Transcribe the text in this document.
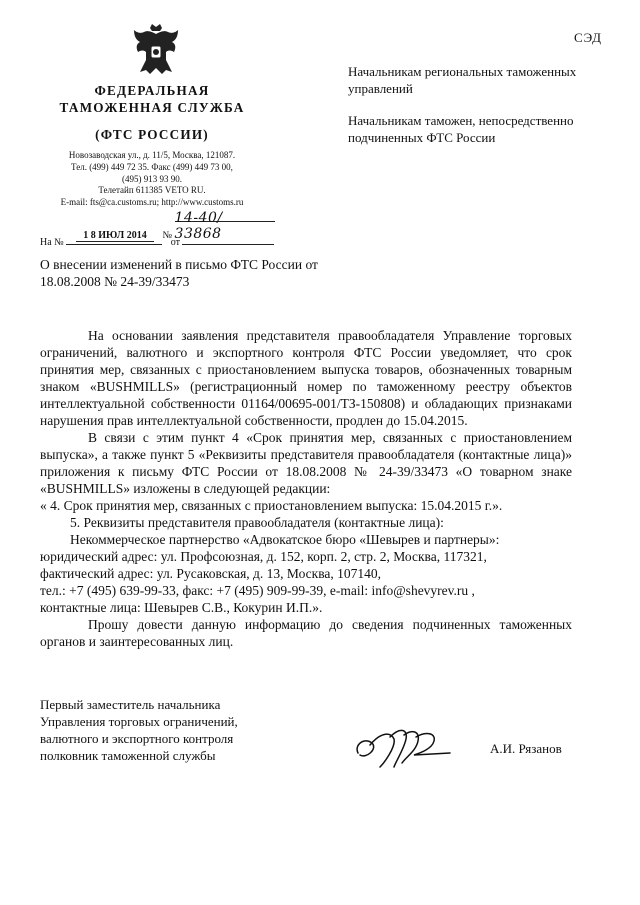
СЭД
ФЕДЕРАЛЬНАЯ
ТАМОЖЕННАЯ СЛУЖБА
(ФТС РОССИИ)
Новозаводская ул., д. 11/5, Москва, 121087.
Тел. (499) 449 72 35. Факс (499) 449 73 00,
(495) 913 93 90.
Телетайп 611385 VETO RU.
E-mail: fts@ca.customs.ru; http://www.customs.ru
1 8 ИЮЛ 2014 № 14-40/ 33868
На №	от

Начальникам региональных таможенных управлений

Начальникам таможен, непосредственно подчиненных ФТС России

О внесении изменений в письмо ФТС России от 18.08.2008 № 24-39/33473

На основании заявления представителя правообладателя Управление торговых ограничений, валютного и экспортного контроля ФТС России уведомляет, что срок принятия мер, связанных с приостановлением выпуска товаров, обозначенных товарным знаком «BUSHMILLS» (регистрационный номер по таможенному реестру объектов интеллектуальной собственности 01164/00695-001/ТЗ-150808) и обладающих признаками нарушения прав интеллектуальной собственности, продлен до 15.04.2015.

В связи с этим пункт 4 «Срок принятия мер, связанных с приостановлением выпуска», а также пункт 5 «Реквизиты представителя правообладателя (контактные лица)» приложения к письму ФТС России от 18.08.2008 № 24-39/33473 «О товарном знаке «BUSHMILLS» изложены в следующей редакции:

« 4. Срок принятия мер, связанных с приостановлением выпуска: 15.04.2015 г.».

5. Реквизиты представителя правообладателя (контактные лица):

Некоммерческое партнерство «Адвокатское бюро «Шевырев и партнеры»:

юридический адрес: ул. Профсоюзная, д. 152, корп. 2, стр. 2, Москва, 117321,

фактический адрес: ул. Русаковская, д. 13, Москва, 107140,

тел.: +7 (495) 639-99-33, факс: +7 (495) 909-99-39, e-mail: info@shevyrev.ru ,

контактные лица: Шевырев С.В., Кокурин И.П.».

Прошу довести данную информацию до сведения подчиненных таможенных органов и заинтересованных лиц.

Первый заместитель начальника
Управления торговых ограничений,
валютного и экспортного контроля
полковник таможенной службы	А.И. Рязанов
